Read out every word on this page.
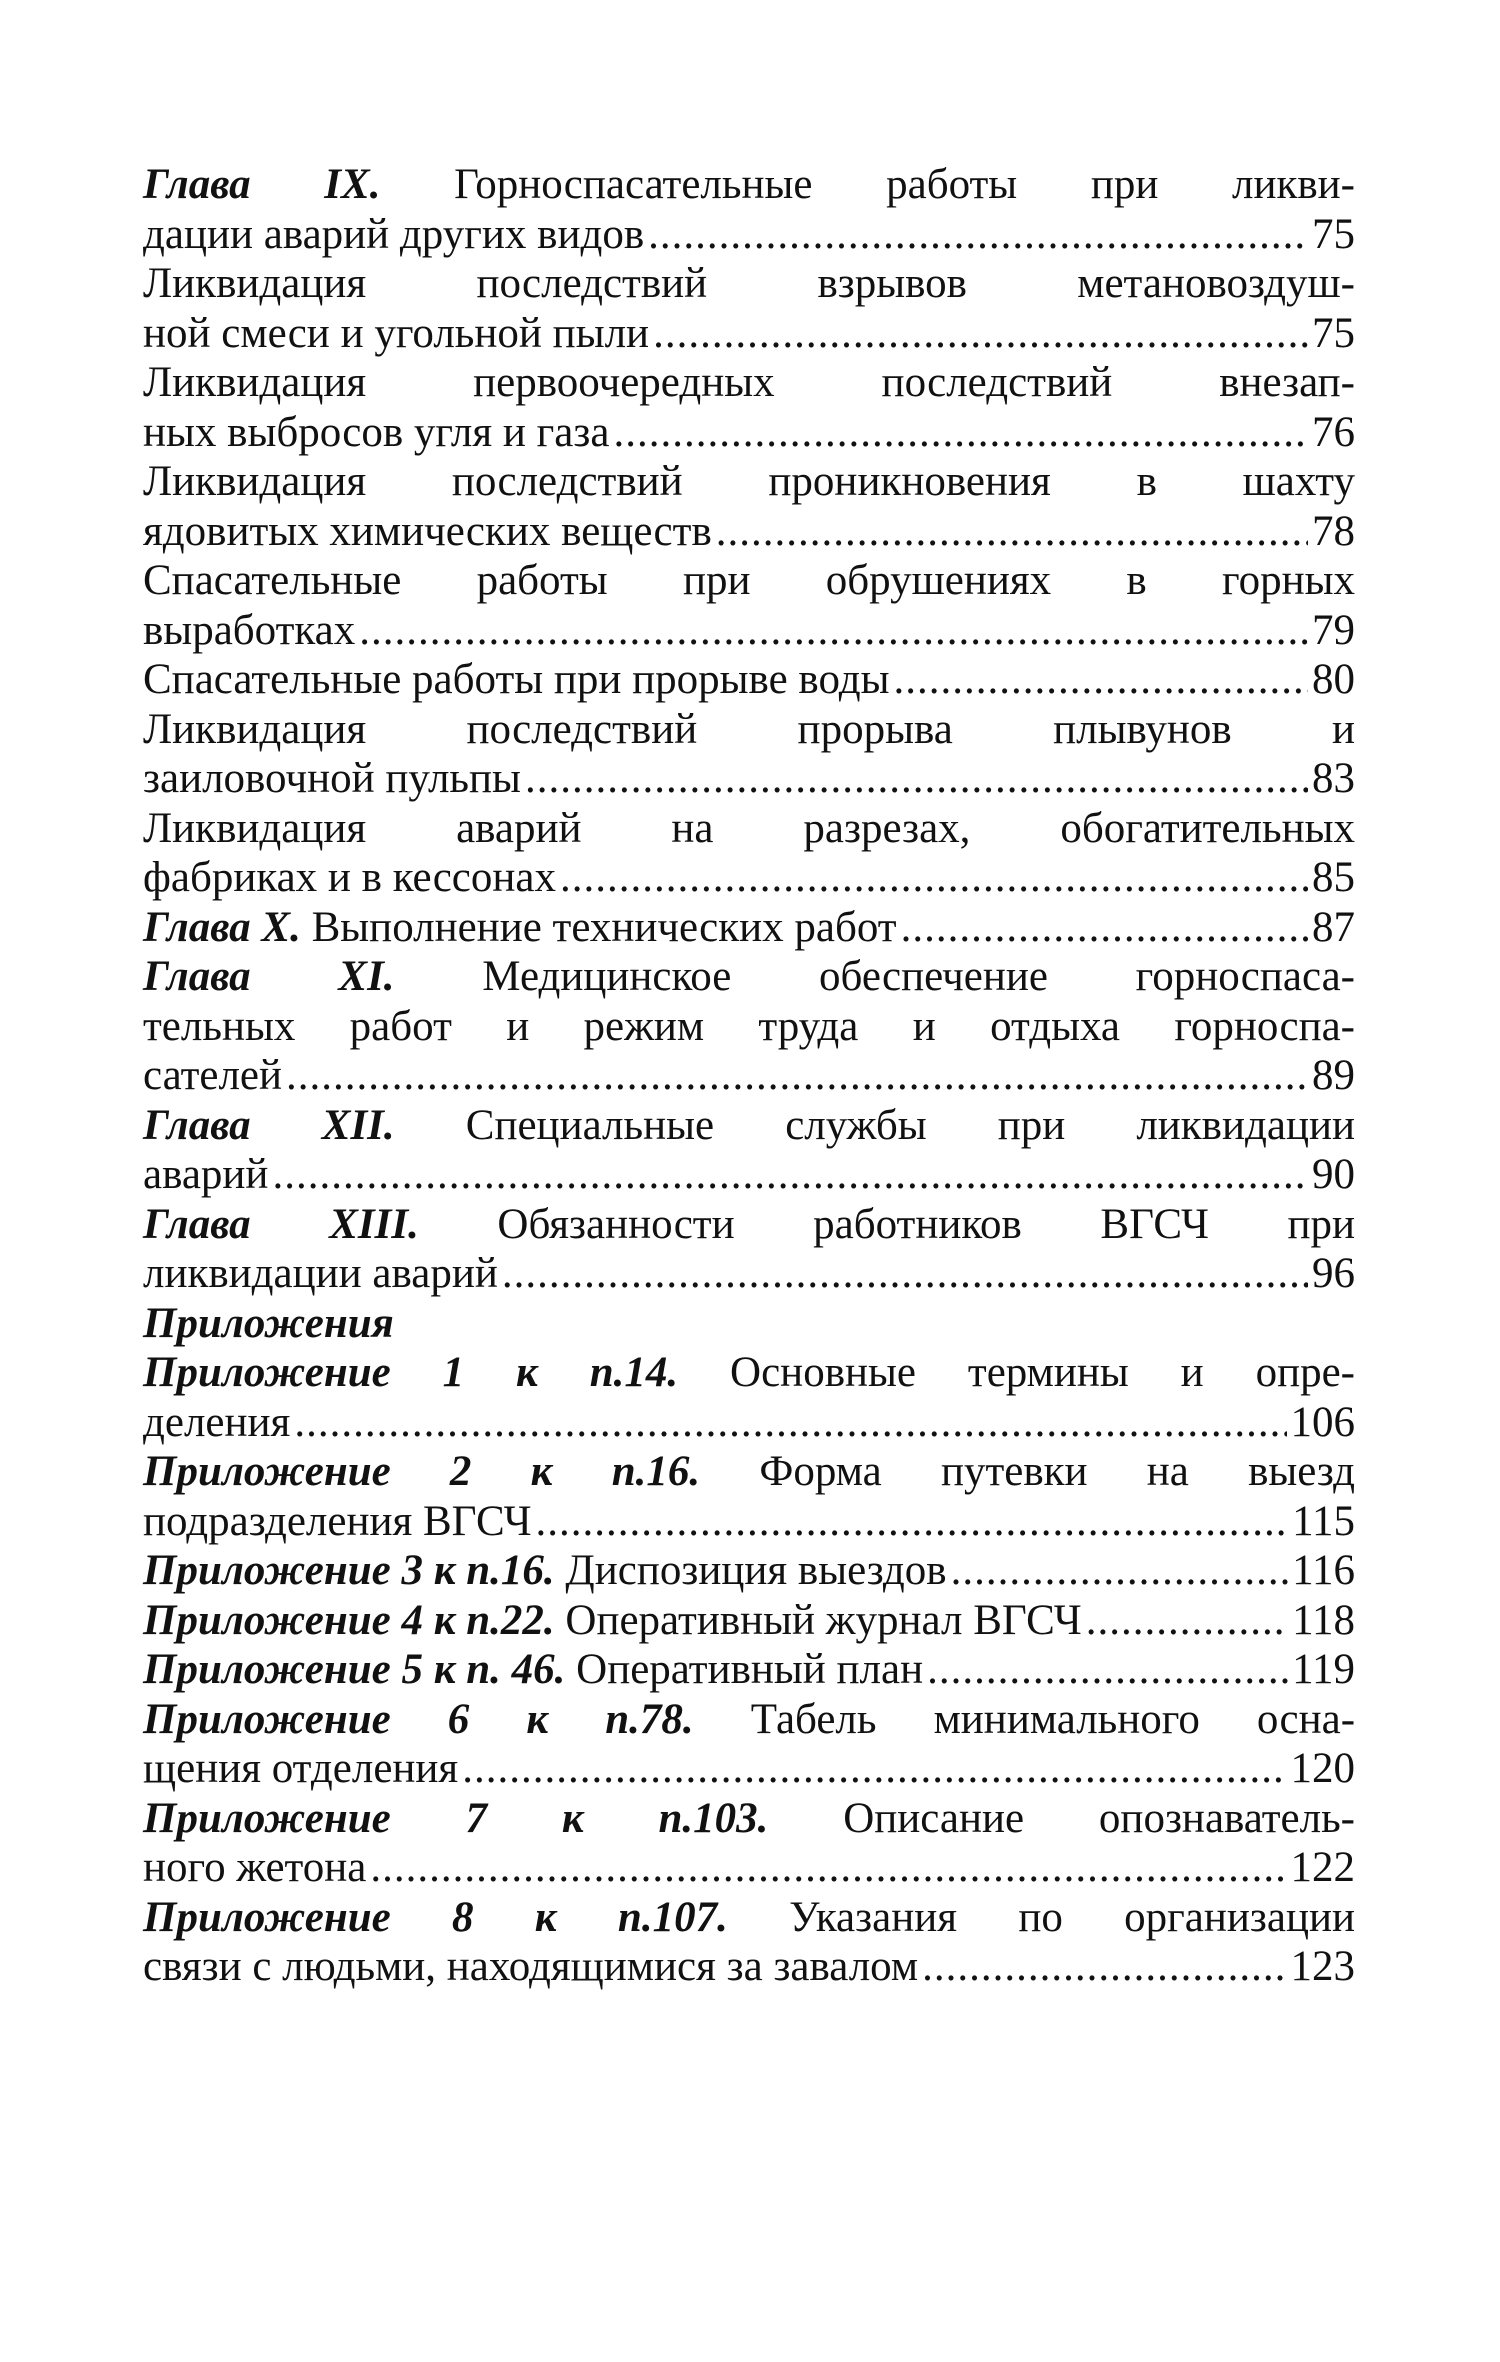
Глава IX. Горноспасательные работы при ликви-
дации аварий других видов .....	75
Ликвидация последствий взрывов метановоздуш-
ной смеси и угольной пыли .....	75
Ликвидация первоочередных последствий внезап-
ных выбросов угля и газа .....	76
Ликвидация последствий проникновения в шахту
ядовитых химических веществ .....	78
Спасательные работы при обрушениях в горных
выработках .....	79
Спасательные работы при прорыве воды .....	80
Ликвидация последствий прорыва плывунов и
заиловочной пульпы .....	83
Ликвидация аварий на разрезах, обогатительных
фабриках и в кессонах .....	85
Глава X. Выполнение технических работ .....	87
Глава XI. Медицинское обеспечение горноспаса-
тельных работ и режим труда и отдыха горноспа-
сателей .....	89
Глава XII. Специальные службы при ликвидации
аварий .....	90
Глава XIII. Обязанности работников ВГСЧ при
ликвидации аварий .....	96
Приложения
Приложение 1 к п.14. Основные термины и опре-
деления .....	106
Приложение 2 к п.16. Форма путевки на выезд
подразделения ВГСЧ .....	115
Приложение 3 к п.16. Диспозиция выездов .....	116
Приложение 4 к п.22. Оперативный журнал ВГСЧ .....	118
Приложение 5 к п. 46. Оперативный план .....	119
Приложение 6 к п.78. Табель минимального осна-
щения отделения .....	120
Приложение 7 к п.103. Описание опознаватель-
ного жетона .....	122
Приложение 8 к п.107. Указания по организации
связи с людьми, находящимися за завалом .....	123
